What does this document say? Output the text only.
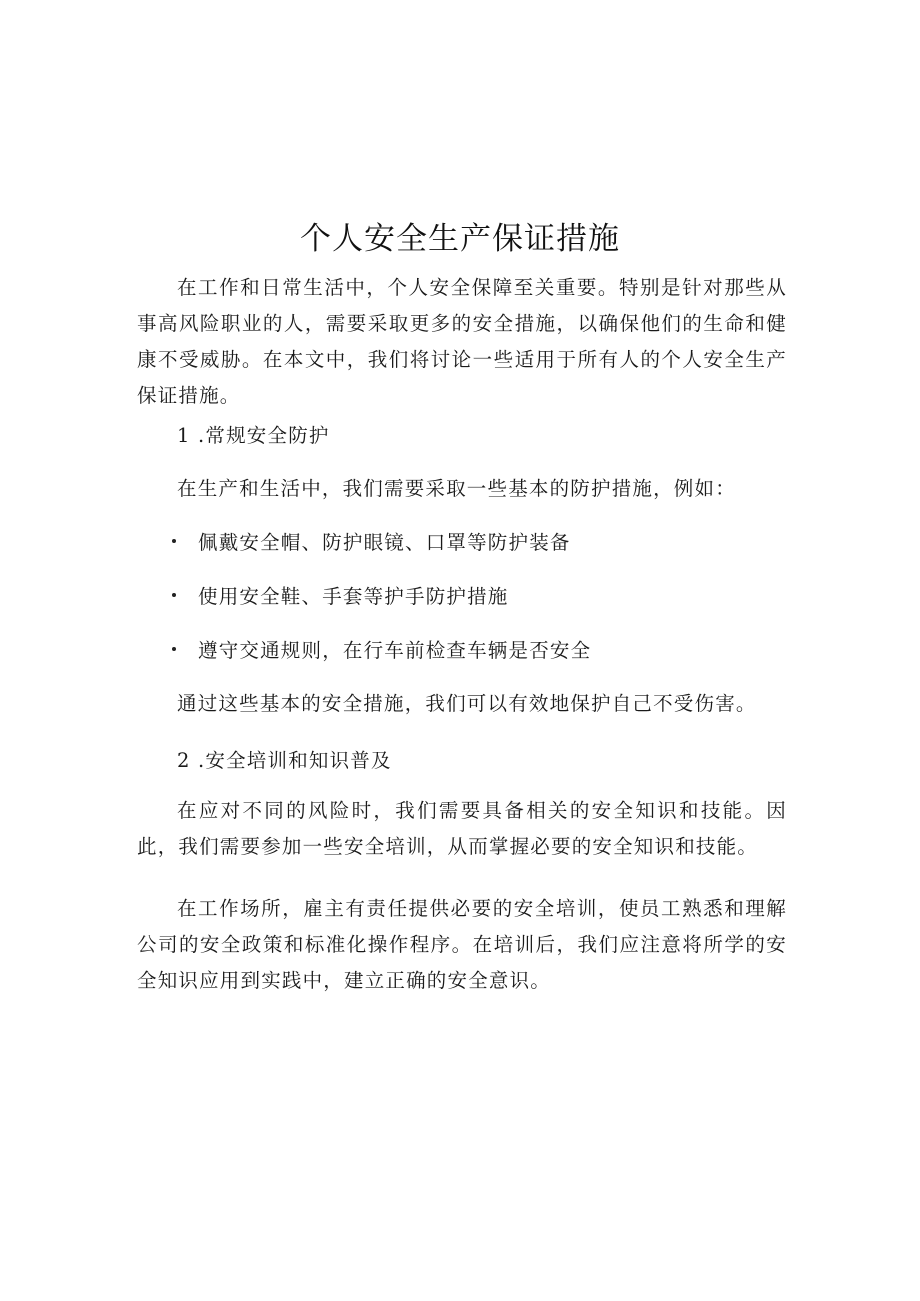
个人安全生产保证措施

在工作和日常生活中，个人安全保障至关重要。特别是针对那些从事高风险职业的人，需要采取更多的安全措施，以确保他们的生命和健康不受威胁。在本文中，我们将讨论一些适用于所有人的个人安全生产保证措施。

1 .常规安全防护

在生产和生活中，我们需要采取一些基本的防护措施，例如：

佩戴安全帽、防护眼镜、口罩等防护装备
使用安全鞋、手套等护手防护措施
遵守交通规则，在行车前检查车辆是否安全

通过这些基本的安全措施，我们可以有效地保护自己不受伤害。

2 .安全培训和知识普及

在应对不同的风险时，我们需要具备相关的安全知识和技能。因此，我们需要参加一些安全培训，从而掌握必要的安全知识和技能。

在工作场所，雇主有责任提供必要的安全培训，使员工熟悉和理解公司的安全政策和标准化操作程序。在培训后，我们应注意将所学的安全知识应用到实践中，建立正确的安全意识。
